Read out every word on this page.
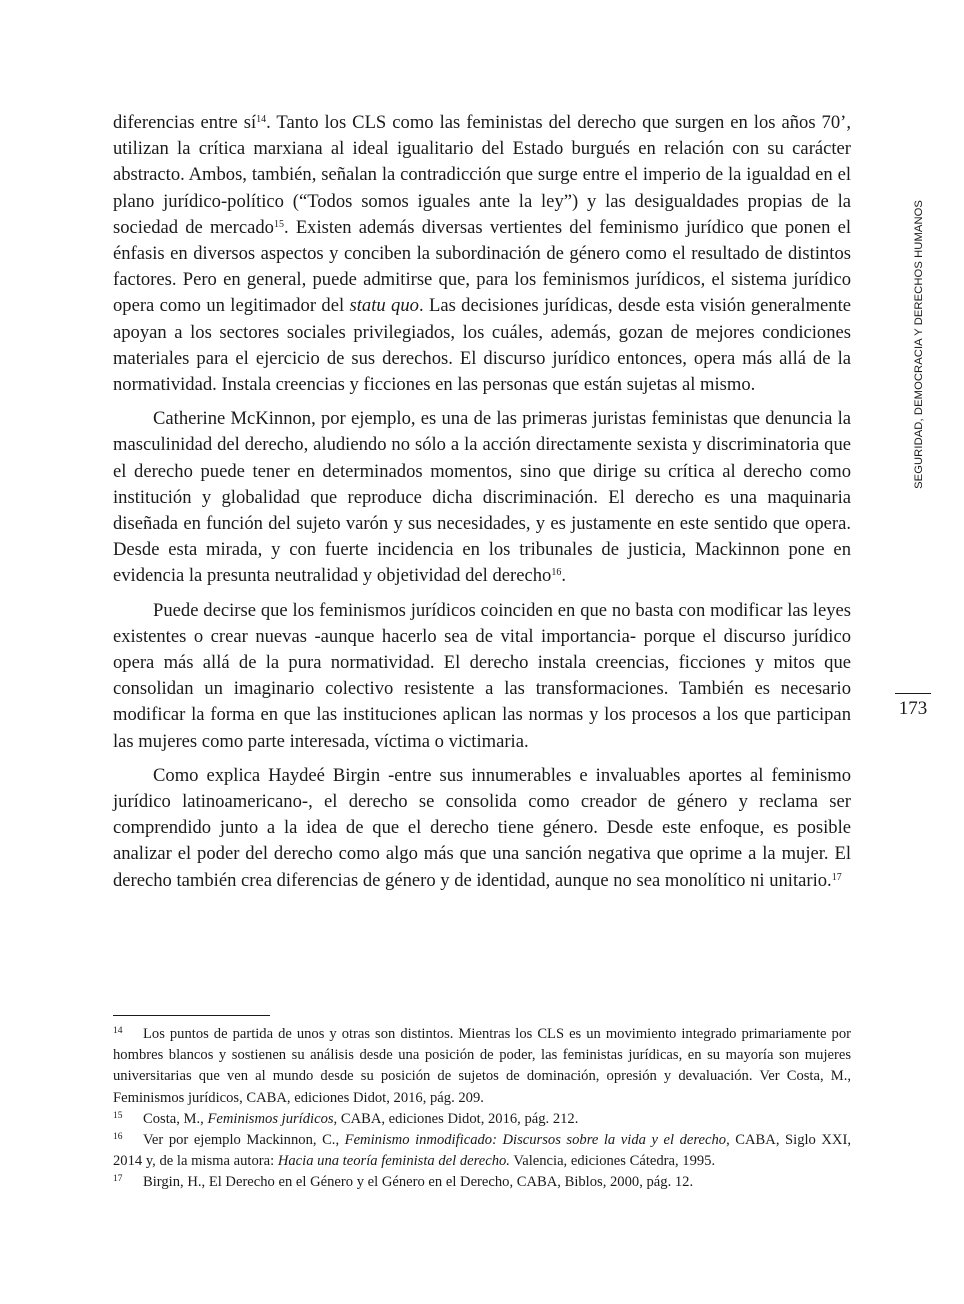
diferencias entre $sí^{14}$. Tanto los CLS como las feministas del derecho que surgen en los años 70’, utilizan la crítica marxiana al ideal igualitario del Estado burgués en relación con su carácter abstracto. Ambos, también, señalan la contradicción que surge entre el imperio de la igualdad en el plano jurídico-político (“Todos somos iguales ante la ley”) y las desigualdades propias de la sociedad de mercado$^{15}$. Existen además diversas vertientes del feminismo jurídico que ponen el énfasis en diversos aspectos y conciben la subordinación de género como el resultado de distintos factores. Pero en general, puede admitirse que, para los feminismos jurídicos, el sistema jurídico opera como un legitimador del statu quo. Las decisiones jurídicas, desde esta visión generalmente apoyan a los sectores sociales privilegiados, los cuáles, además, gozan de mejores condiciones materiales para el ejercicio de sus derechos. El discurso jurídico entonces, opera más allá de la normatividad. Instala creencias y ficciones en las personas que están sujetas al mismo.

Catherine McKinnon, por ejemplo, es una de las primeras juristas feministas que denuncia la masculinidad del derecho, aludiendo no sólo a la acción directamente sexista y discriminatoria que el derecho puede tener en determinados momentos, sino que dirige su crítica al derecho como institución y globalidad que reproduce dicha discriminación. El derecho es una maquinaria diseñada en función del sujeto varón y sus necesidades, y es justamente en este sentido que opera. Desde esta mirada, y con fuerte incidencia en los tribunales de justicia, Mackinnon pone en evidencia la presunta neutralidad y objetividad del derecho$^{16}$.

Puede decirse que los feminismos jurídicos coinciden en que no basta con modificar las leyes existentes o crear nuevas -aunque hacerlo sea de vital importancia- porque el discurso jurídico opera más allá de la pura normatividad. El derecho instala creencias, ficciones y mitos que consolidan un imaginario colectivo resistente a las transformaciones. También es necesario modificar la forma en que las instituciones aplican las normas y los procesos a los que participan las mujeres como parte interesada, víctima o victimaria.

Como explica Haydeé Birgin -entre sus innumerables e invaluables aportes al feminismo jurídico latinoamericano-, el derecho se consolida como creador de género y reclama ser comprendido junto a la idea de que el derecho tiene género. Desde este enfoque, es posible analizar el poder del derecho como algo más que una sanción negativa que oprime a la mujer. El derecho también crea diferencias de género y de identidad, aunque no sea monolítico ni unitario.$^{17}$

SEGURIDAD, DEMOCRACIA Y DERECHOS HUMANOS
173

14 Los puntos de partida de unos y otras son distintos. Mientras los CLS es un movimiento integrado primariamente por hombres blancos y sostienen su análisis desde una posición de poder, las feministas jurídicas, en su mayoría son mujeres universitarias que ven al mundo desde su posición de sujetos de dominación, opresión y devaluación. Ver Costa, M., Feminismos jurídicos, CABA, ediciones Didot, 2016, pág. 209.

15 Costa, M., Feminismos jurídicos, CABA, ediciones Didot, 2016, pág. 212.

16 Ver por ejemplo Mackinnon, C., Feminismo inmodificado: Discursos sobre la vida y el derecho, CABA, Siglo XXI, 2014 y, de la misma autora: Hacia una teoría feminista del derecho. Valencia, ediciones Cátedra, 1995.

17 Birgin, H., El Derecho en el Género y el Género en el Derecho, CABA, Biblos, 2000, pág. 12.
